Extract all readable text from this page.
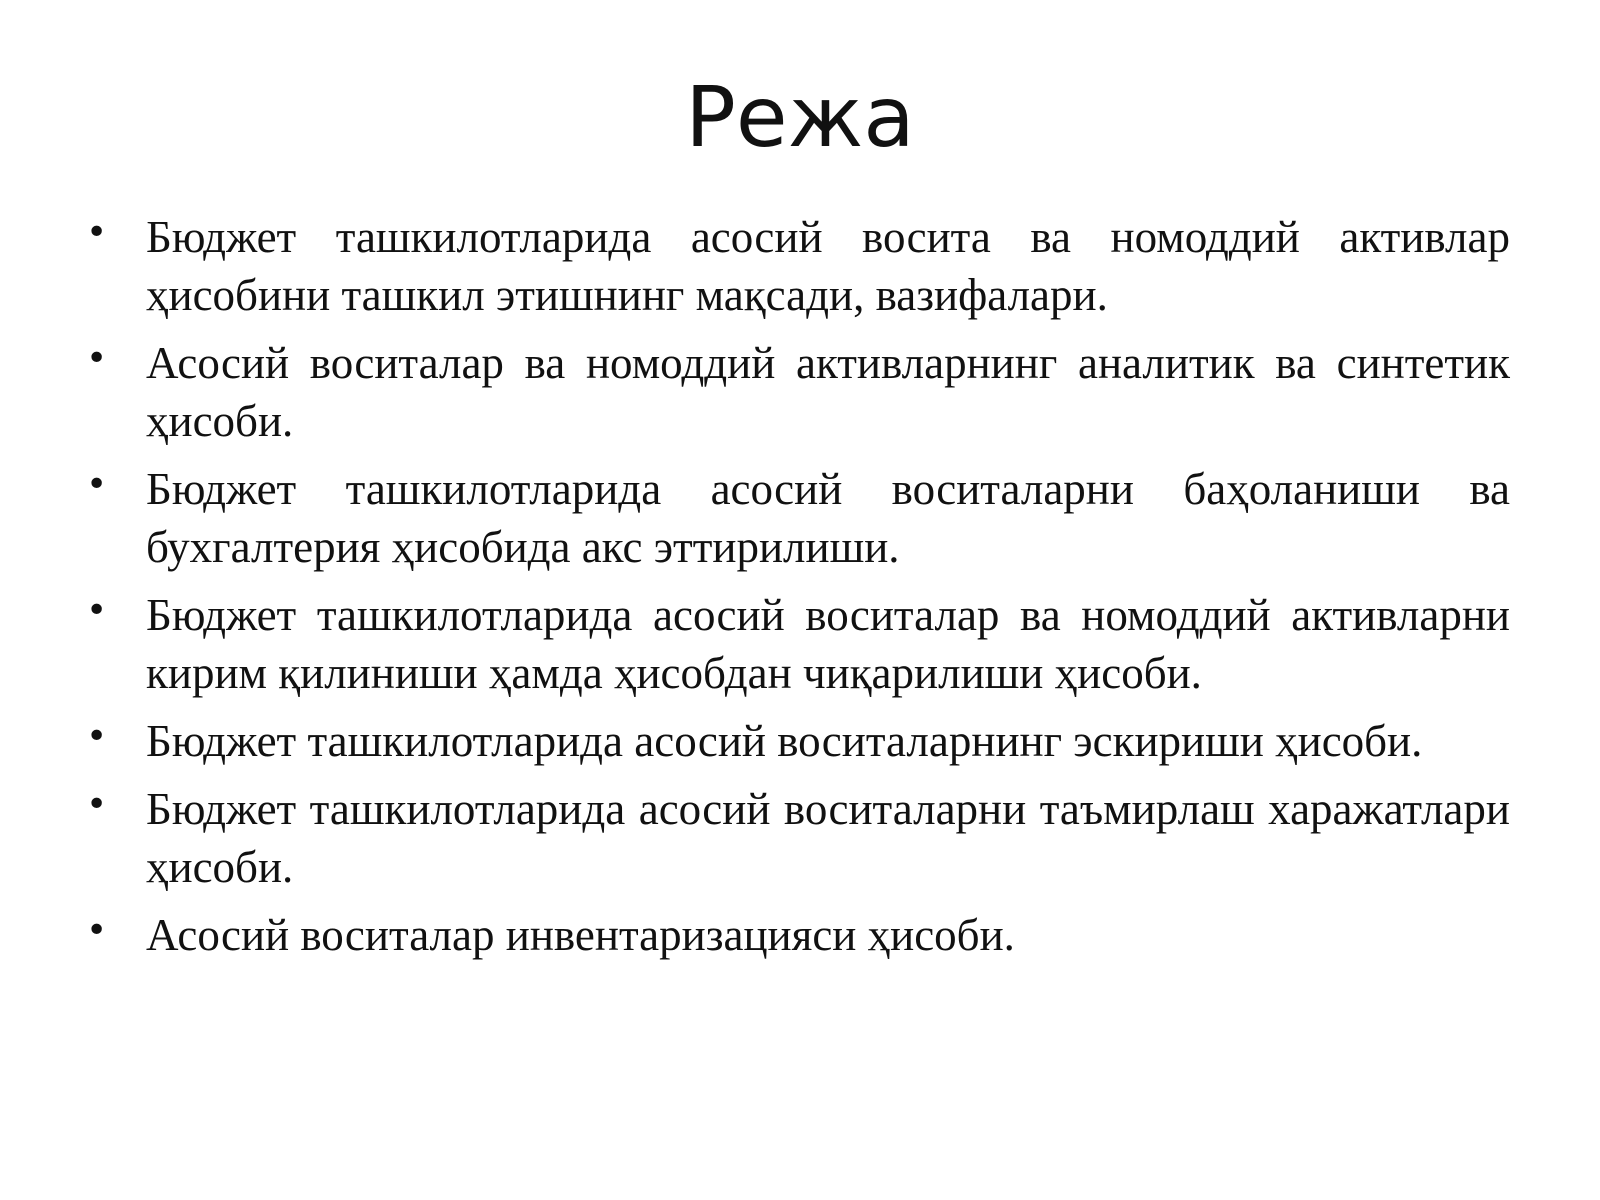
Режа
• Бюджет ташкилотларида асосий восита ва номоддий активлар ҳисобини ташкил этишнинг мақсади, вазифалари.
• Асосий воситалар ва номоддий активларнинг аналитик ва синтетик ҳисоби.
• Бюджет ташкилотларида асосий воситаларни баҳоланиши ва бухгалтерия ҳисобида акс эттирилиши.
• Бюджет ташкилотларида асосий воситалар ва номоддий активларни кирим қилиниши ҳамда ҳисобдан чиқарилиши ҳисоби.
• Бюджет ташкилотларида асосий воситаларнинг эскириши ҳисоби.
• Бюджет ташкилотларида асосий воситаларни таъмирлаш харажатлари ҳисоби.
• Асосий воситалар инвентаризацияси ҳисоби.
